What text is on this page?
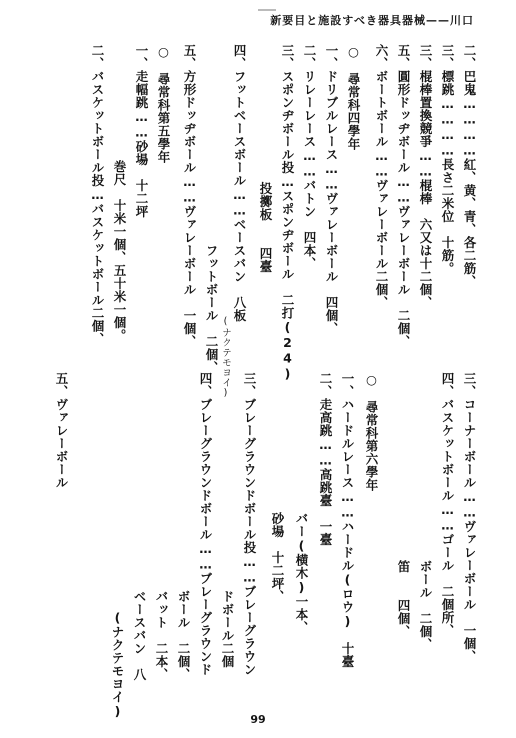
新要目と施設すべき器具器械——川口
二、巴鬼…………紅、黄、青、各二筋、
三、標跳…………長さ二米位　十筋。
三、棍棒置換競爭……棍棒　六又は十二個、
五、圓形ドッヂボール……ヴァレーボール　二個、
六、ボートボール……ヴァレーボール二個、
○　尋常科四學年
一、ドリブルレース……ヴァレーボール　四個、
二、リレーレース……バトン　四本、
三、スポンヂボール投…スポンヂボール　二打(24)
投擲板　　四臺
四、フットベースボール……ベースバン　八板
(ナクテモヨイ)
フットボール　二個、
五、方形ドッヂボール……ヴァレーボール　一個、
○　尋常科第五學年
一、走幅跳……砂場　十二坪
巻尺　十米一個、五十米一個。
二、バスケットボール投…バスケットボール二個、
三、コーナーボール……ヴァレーボール　一個、
四、バスケットボール……ゴール　二個所、
ボール　二個、
笛　　四個、
○　尋常科第六學年
一、ハードルレース……ハードル(ロウ)　十臺
二、走高跳……高跳臺　一臺
バー(横木)一本、
砂場　十二坪、
三、ブレーグラウンドボール投……ブレーグラウン
ドボール二個
四、ブレーグラウンドボール……ブレーグラウンド
ボール　二個、
バット　二本、
ベースバン　八
(ナクテモヨイ)
五、ヴァレーボール
99
